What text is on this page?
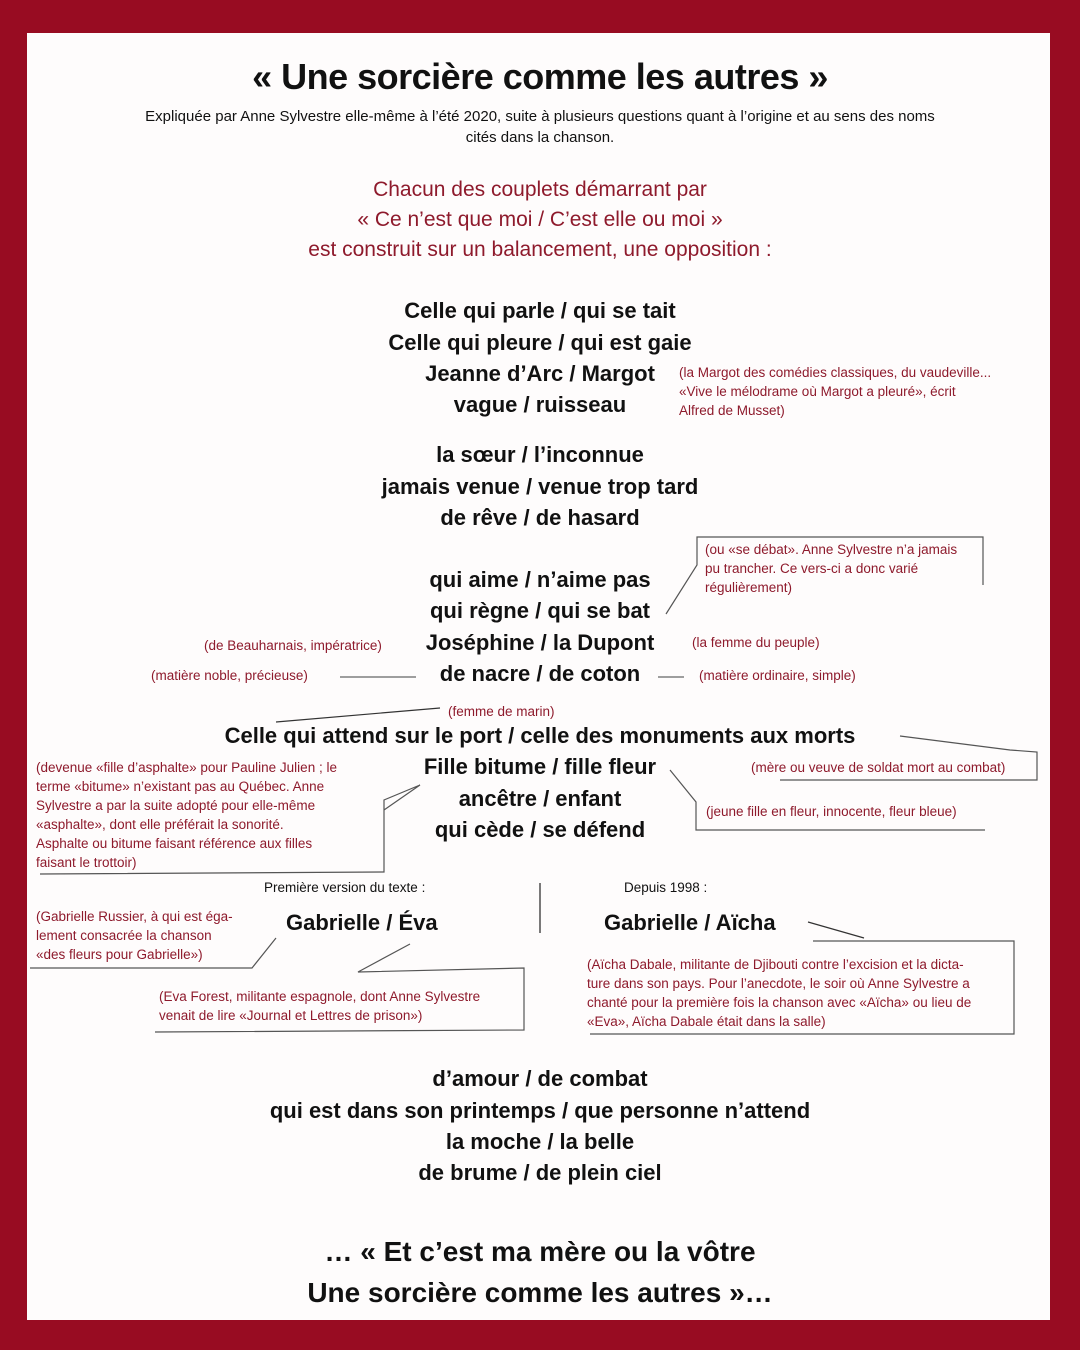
« Une sorcière comme les autres »
Expliquée par Anne Sylvestre elle-même à l’été 2020, suite à plusieurs questions quant à l’origine et au sens des noms cités dans la chanson.
Chacun des couplets démarrant par
« Ce n’est que moi / C’est elle ou moi »
est construit sur un balancement, une opposition :
Celle qui parle / qui se tait
Celle qui pleure / qui est gaie
Jeanne d’Arc / Margot
vague / ruisseau
la sœur / l’inconnue
jamais venue / venue trop tard
de rêve / de hasard
qui aime / n’aime pas
qui règne / qui se bat
Joséphine / la Dupont
de nacre / de coton
Celle qui attend sur le port / celle des monuments aux morts
Fille bitume / fille fleur
ancêtre / enfant
qui cède / se défend
Première version du texte :	Depuis 1998 :
Gabrielle / Éva	Gabrielle / Aïcha
d’amour / de combat
qui est dans son printemps / que personne n’attend
la moche / la belle
de brume / de plein ciel
… « Et c’est ma mère ou la vôtre
Une sorcière comme les autres »…
(la Margot des comédies classiques, du vaudeville...
«Vive le mélodrame où Margot a pleuré», écrit
Alfred de Musset)
(ou «se débat». Anne Sylvestre n’a jamais
pu trancher. Ce vers-ci a donc varié
régulièrement)
(de Beauharnais, impératrice)	(la femme du peuple)
(matière noble, précieuse)	(matière ordinaire, simple)
(femme de marin)
(mère ou veuve de soldat mort au combat)
(devenue «fille d’asphalte» pour Pauline Julien ; le
terme «bitume» n’existant pas au Québec. Anne
Sylvestre a par la suite adopté pour elle-même
«asphalte», dont elle préférait la sonorité.
Asphalte ou bitume faisant référence aux filles
faisant le trottoir)
(jeune fille en fleur, innocente, fleur bleue)
(Gabrielle Russier, à qui est éga-
lement consacrée la chanson
«des fleurs pour Gabrielle»)
(Eva Forest, militante espagnole, dont Anne Sylvestre
venait de lire «Journal et Lettres de prison»)
(Aïcha Dabale, militante de Djibouti contre l’excision et la dicta-
ture dans son pays. Pour l’anecdote, le soir où Anne Sylvestre a
chanté pour la première fois la chanson avec «Aïcha» ou lieu de
«Eva», Aïcha Dabale était dans la salle)
